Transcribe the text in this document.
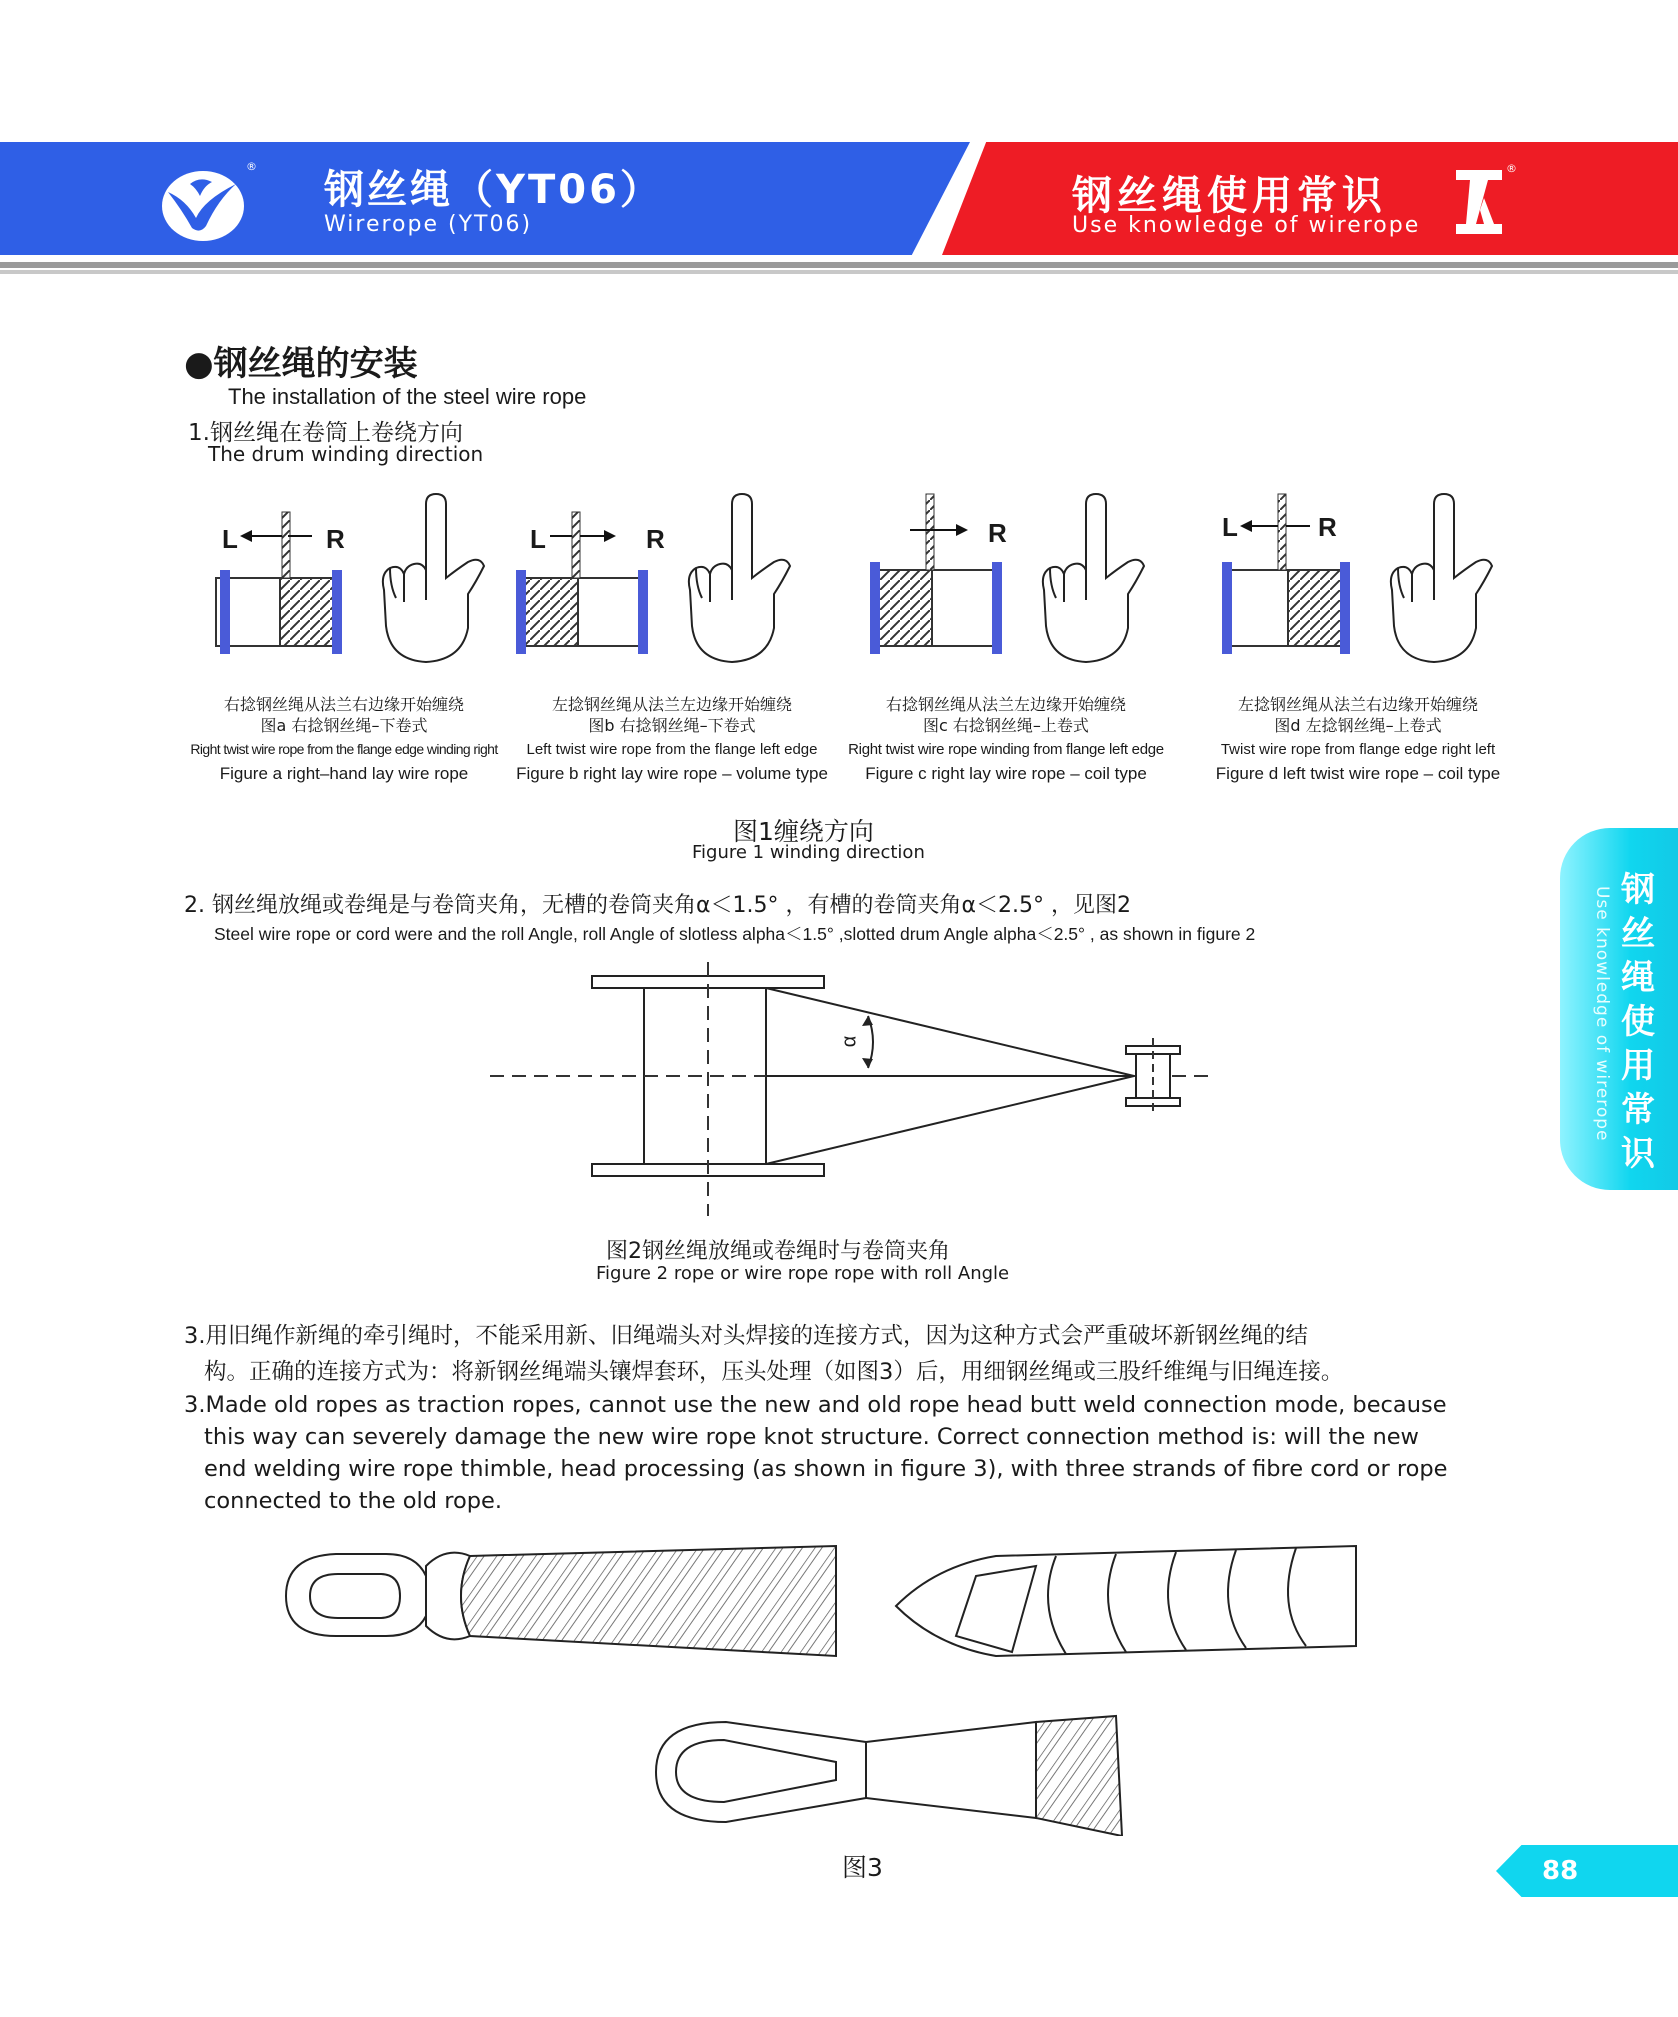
®
钢丝绳（YT06）
Wirerope (YT06)
钢丝绳使用常识
Use knowledge of wirerope
®
●钢丝绳的安装
The installation of the steel wire rope
1.钢丝绳在卷筒上卷绕方向
The drum winding direction
L	R	L	R	R	L	R
右捻钢丝绳从法兰右边缘开始缠绕
图a 右捻钢丝绳–下卷式
Right twist wire rope from the flange edge winding right
Figure a right–hand lay wire rope
左捻钢丝绳从法兰左边缘开始缠绕
图b 右捻钢丝绳–下卷式
Left twist wire rope from the flange left edge
Figure b right lay wire rope – volume type
右捻钢丝绳从法兰左边缘开始缠绕
图c 右捻钢丝绳–上卷式
Right twist wire rope winding from flange left edge
Figure c right lay wire rope – coil type
左捻钢丝绳从法兰右边缘开始缠绕
图d 左捻钢丝绳–上卷式
Twist wire rope from flange edge right left
Figure d left twist wire rope – coil type
图1缠绕方向
Figure 1 winding direction
2. 钢丝绳放绳或卷绳是与卷筒夹角，无槽的卷筒夹角α＜1.5° ，有槽的卷筒夹角α＜2.5° ，见图2
Steel wire rope or cord were and the roll Angle, roll Angle of slotless alpha＜1.5° ,slotted drum Angle alpha＜2.5° , as shown in figure 2
α
图2钢丝绳放绳或卷绳时与卷筒夹角
Figure 2 rope or wire rope rope with roll Angle
3.用旧绳作新绳的牵引绳时，不能采用新、旧绳端头对头焊接的连接方式，因为这种方式会严重破坏新钢丝绳的结
构。正确的连接方式为：将新钢丝绳端头镶焊套环，压头处理（如图3）后，用细钢丝绳或三股纤维绳与旧绳连接。
3.Made old ropes as traction ropes, cannot use the new and old rope head butt weld connection mode, because
this way can severely damage the new wire rope knot structure. Correct connection method is: will the new
end welding wire rope thimble, head processing (as shown in figure 3), with three strands of fibre cord or rope
connected to the old rope.
图3
钢
丝
绳
使
用
常
识
Use knowledge of wirerope
88
